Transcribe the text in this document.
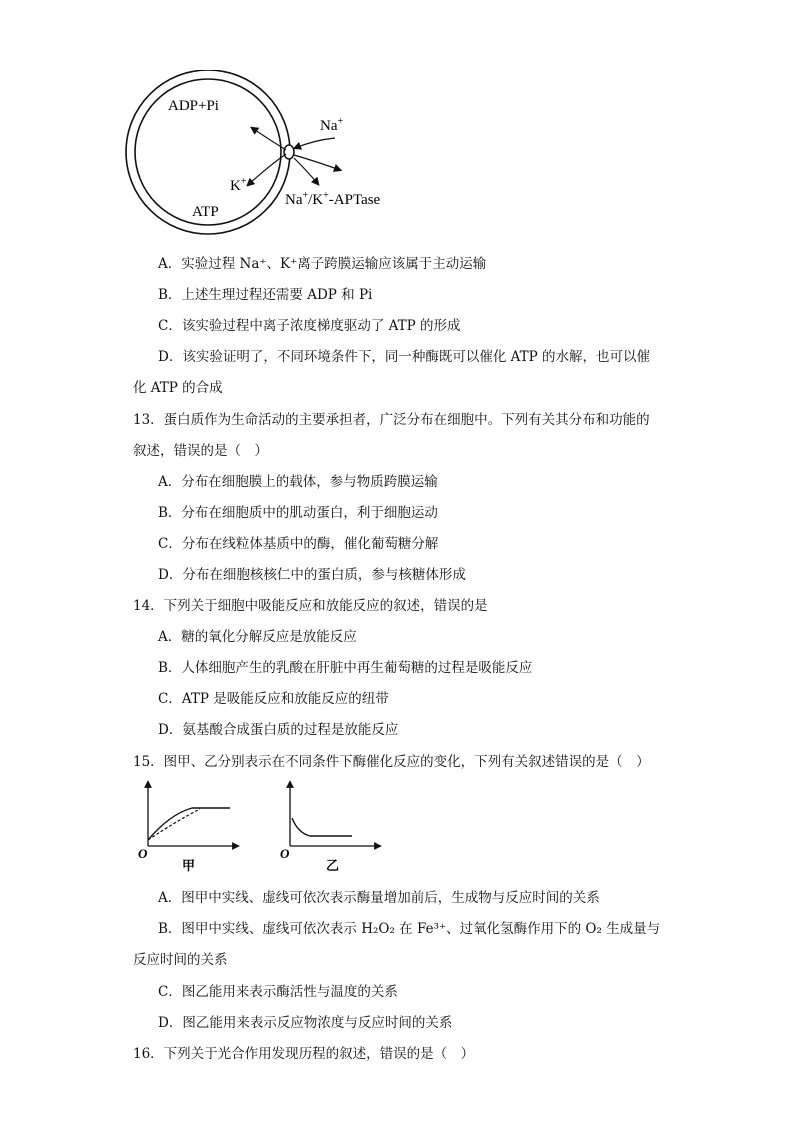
ADP+Pi
ATP
Na+
K+
Na+/K+-APTase
A．实验过程 Na⁺、K⁺离子跨膜运输应该属于主动运输
B．上述生理过程还需要 ADP 和 Pi
C．该实验过程中离子浓度梯度驱动了 ATP 的形成
D．该实验证明了，不同环境条件下，同一种酶既可以催化 ATP 的水解，也可以催
化 ATP 的合成
13．蛋白质作为生命活动的主要承担者，广泛分布在细胞中。下列有关其分布和功能的
叙述，错误的是（　）
A．分布在细胞膜上的载体，参与物质跨膜运输
B．分布在细胞质中的肌动蛋白，利于细胞运动
C．分布在线粒体基质中的酶，催化葡萄糖分解
D．分布在细胞核核仁中的蛋白质，参与核糖体形成
14．下列关于细胞中吸能反应和放能反应的叙述，错误的是
A．糖的氧化分解反应是放能反应
B．人体细胞产生的乳酸在肝脏中再生葡萄糖的过程是吸能反应
C．ATP 是吸能反应和放能反应的纽带
D．氨基酸合成蛋白质的过程是放能反应
15．图甲、乙分别表示在不同条件下酶催化反应的变化，下列有关叙述错误的是（　）
O
甲
O
乙
A．图甲中实线、虚线可依次表示酶量增加前后，生成物与反应时间的关系
B．图甲中实线、虚线可依次表示 H₂O₂ 在 Fe³⁺、过氧化氢酶作用下的 O₂ 生成量与
反应时间的关系
C．图乙能用来表示酶活性与温度的关系
D．图乙能用来表示反应物浓度与反应时间的关系
16．下列关于光合作用发现历程的叙述，错误的是（　）
